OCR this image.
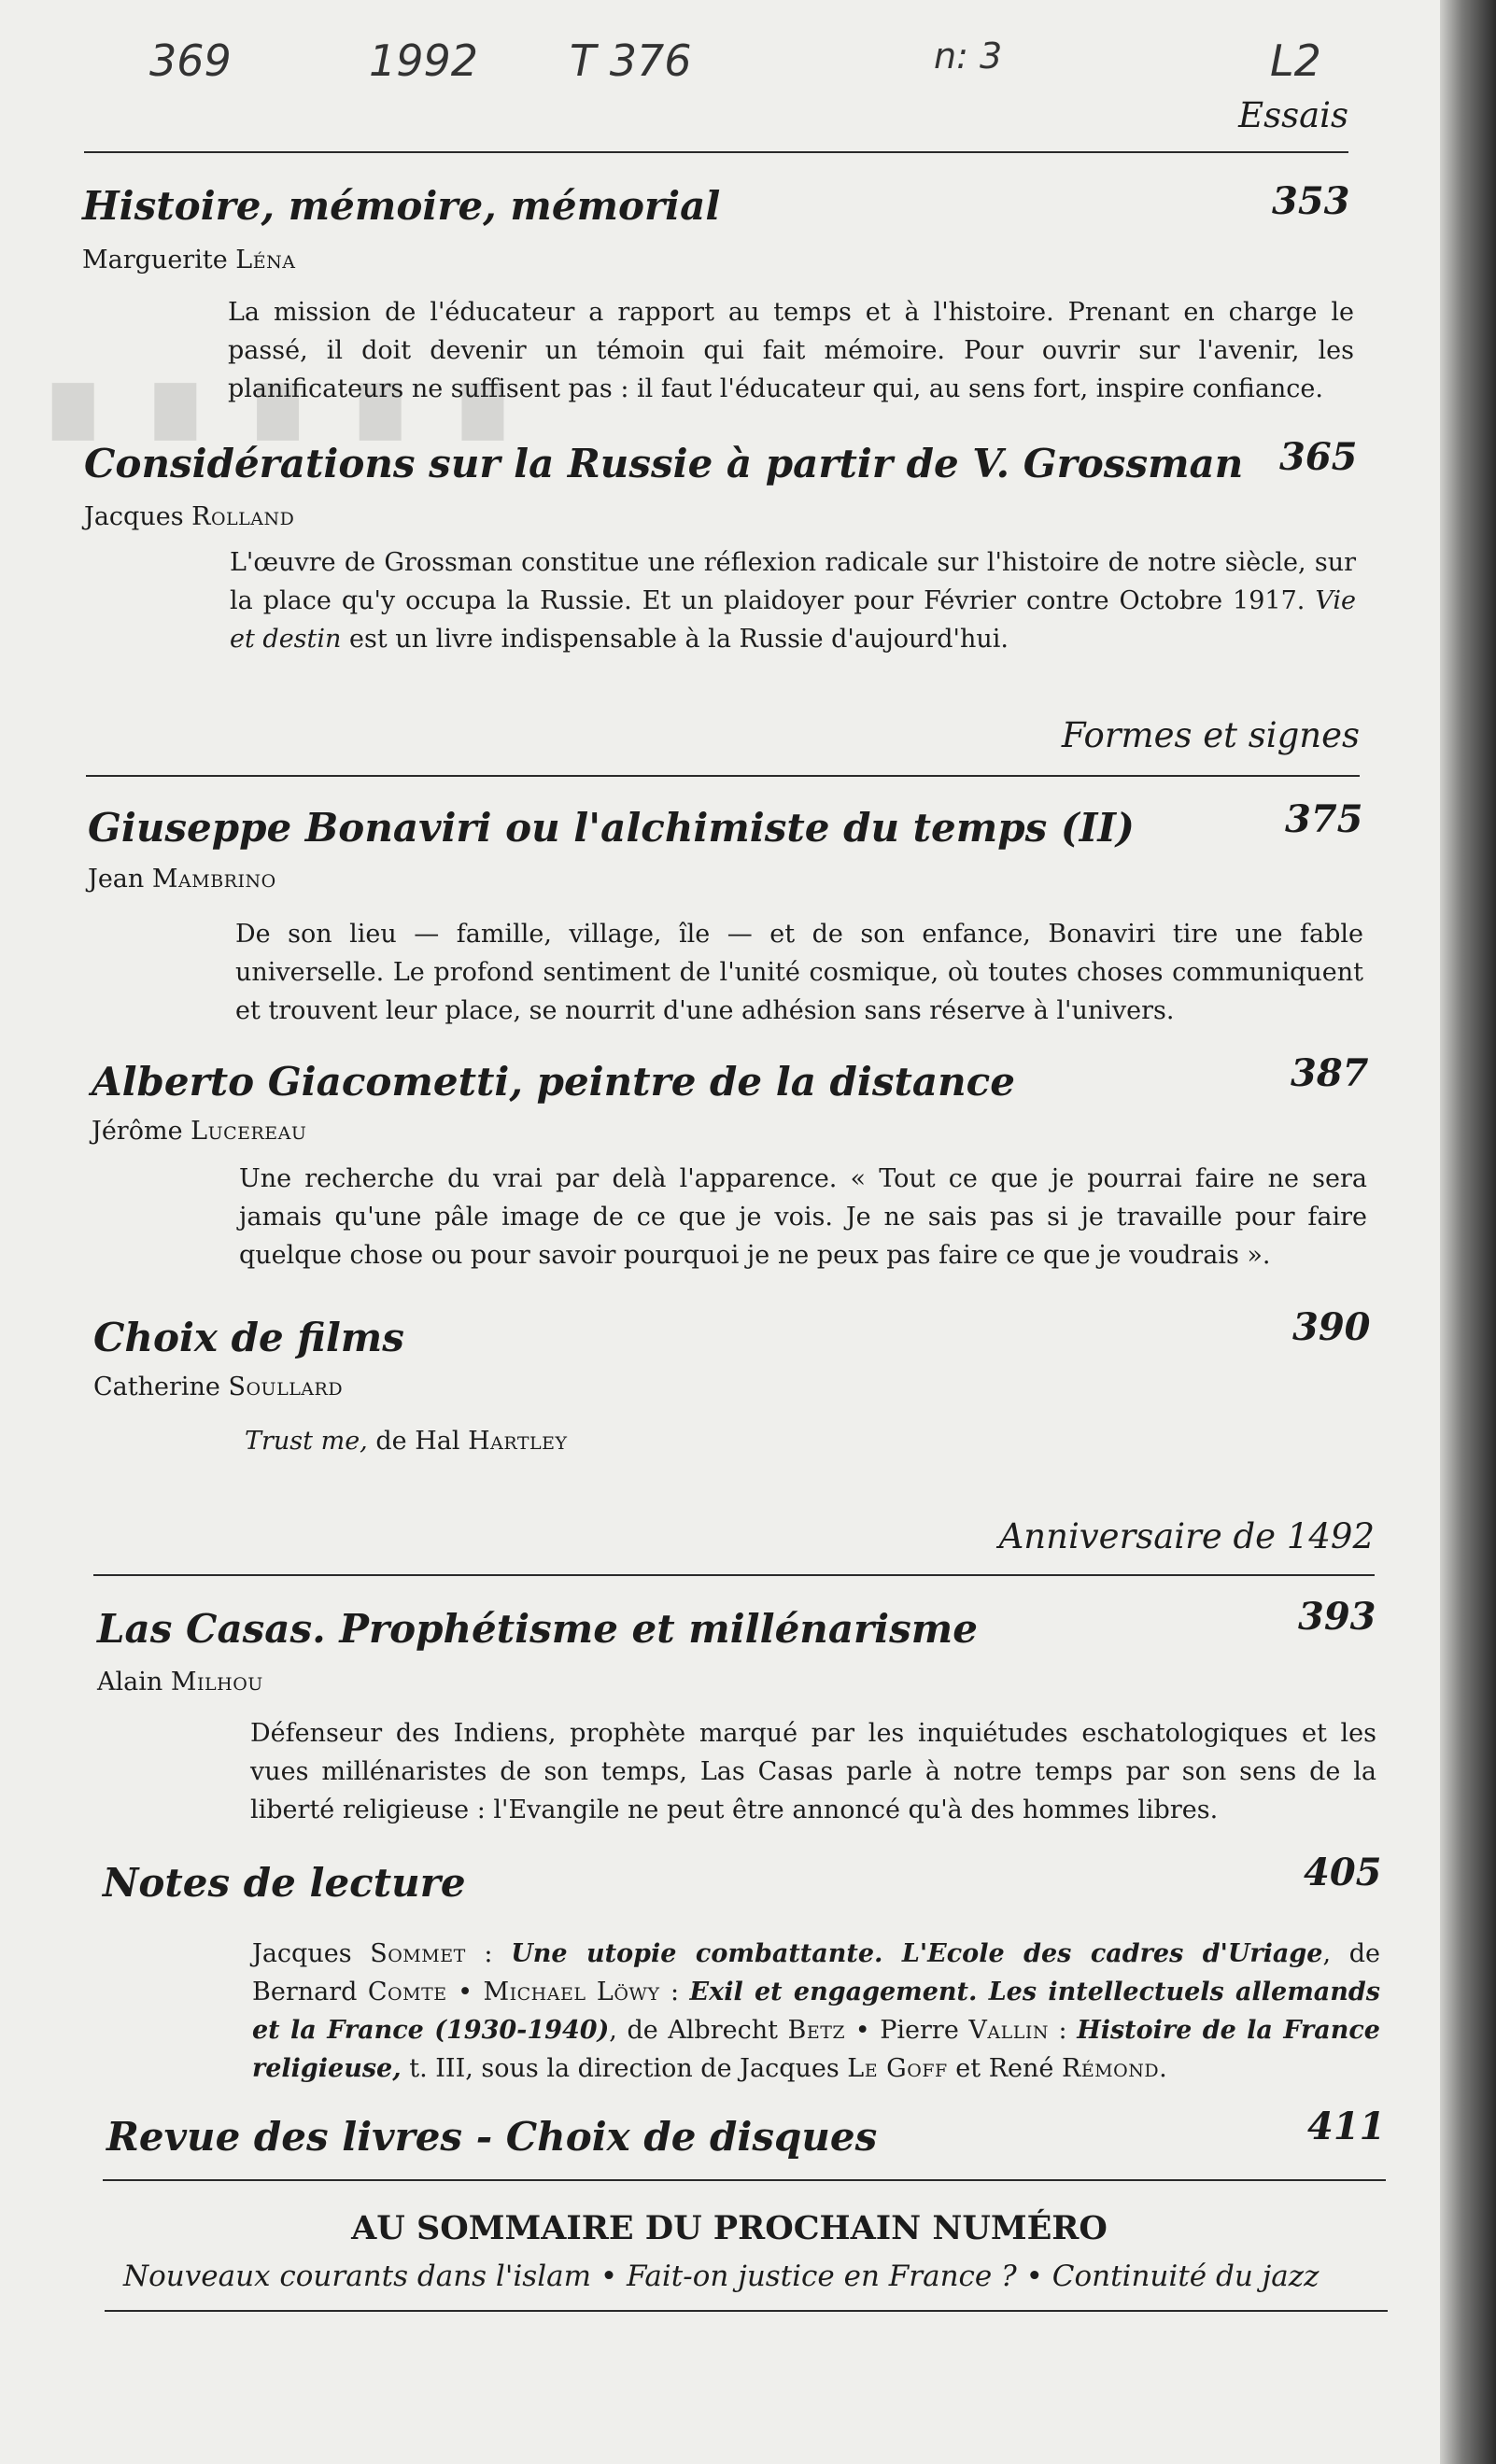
∎ ∎ ∎ ∎ ∎
369	1992 T 376	n: 3	L2
Essais
Histoire, mémoire, mémorial	353
Marguerite Léna
La mission de l'éducateur a rapport au temps et à l'histoire. Prenant en charge le passé, il doit devenir un témoin qui fait mémoire. Pour ouvrir sur l'avenir, les planificateurs ne suffisent pas : il faut l'éducateur qui, au sens fort, inspire confiance.
Considérations sur la Russie à partir de V. Grossman 365
Jacques Rolland
L'œuvre de Grossman constitue une réflexion radicale sur l'histoire de notre siècle, sur la place qu'y occupa la Russie. Et un plaidoyer pour Février contre Octobre 1917. Vie et destin est un livre indispensable à la Russie d'aujourd'hui.
Formes et signes
Giuseppe Bonaviri ou l'alchimiste du temps (II)	375
Jean Mambrino
De son lieu — famille, village, île — et de son enfance, Bonaviri tire une fable universelle. Le profond sentiment de l'unité cosmique, où toutes choses communiquent et trouvent leur place, se nourrit d'une adhésion sans réserve à l'univers.
Alberto Giacometti, peintre de la distance	387
Jérôme Lucereau
Une recherche du vrai par delà l'apparence. « Tout ce que je pourrai faire ne sera jamais qu'une pâle image de ce que je vois. Je ne sais pas si je travaille pour faire quelque chose ou pour savoir pourquoi je ne peux pas faire ce que je voudrais ».
Choix de films	390
Catherine Soullard
Trust me, de Hal Hartley
Anniversaire de 1492
Las Casas. Prophétisme et millénarisme	393
Alain Milhou
Défenseur des Indiens, prophète marqué par les inquiétudes eschatologiques et les vues millénaristes de son temps, Las Casas parle à notre temps par son sens de la liberté religieuse : l'Evangile ne peut être annoncé qu'à des hommes libres.
Notes de lecture	405
Jacques Sommet : Une utopie combattante. L'Ecole des cadres d'Uriage, de Bernard Comte • Michael Löwy : Exil et engagement. Les intellectuels allemands et la France (1930-1940), de Albrecht Betz • Pierre Vallin : Histoire de la France religieuse, t. III, sous la direction de Jacques Le Goff et René Rémond.
Revue des livres - Choix de disques	411
AU SOMMAIRE DU PROCHAIN NUMÉRO
Nouveaux courants dans l'islam • Fait-on justice en France ? • Continuité du jazz
